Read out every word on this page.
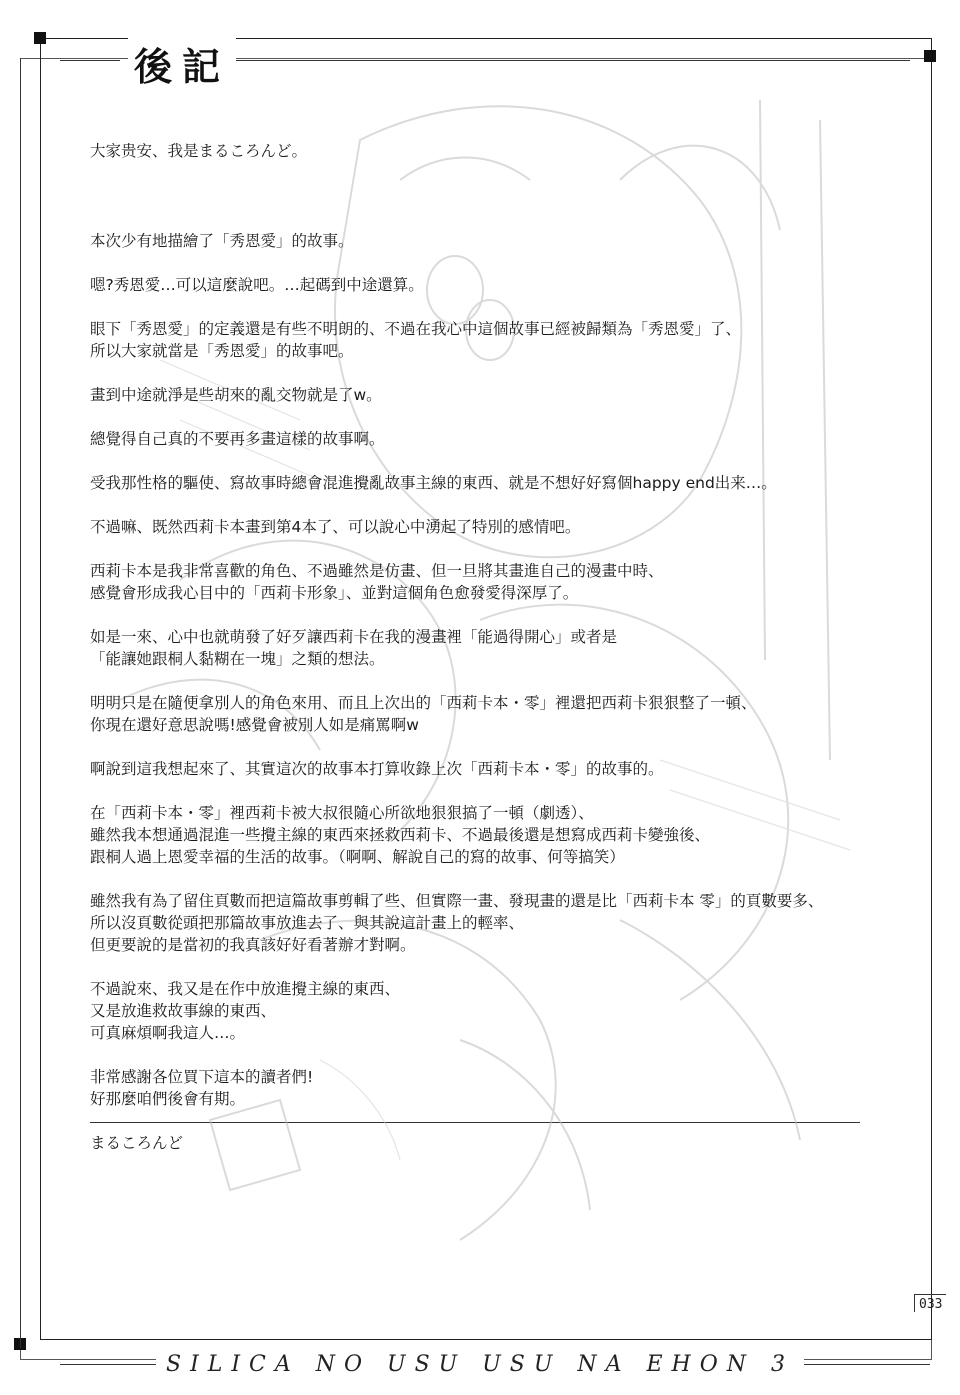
後記

大家贵安、我是まるころんど。

本次少有地描繪了「秀恩愛」的故事。

嗯?秀恩愛…可以這麼說吧。…起碼到中途還算。

眼下「秀恩愛」的定義還是有些不明朗的、不過在我心中這個故事已經被歸類為「秀恩愛」了、

所以大家就當是「秀恩愛」的故事吧。

畫到中途就淨是些胡來的亂交物就是了w。

總覺得自己真的不要再多畫這樣的故事啊。

受我那性格的驅使、寫故事時總會混進攪亂故事主線的東西、就是不想好好寫個happy end出来…。

不過嘛、既然西莉卡本畫到第4本了、可以說心中湧起了特別的感情吧。

西莉卡本是我非常喜歡的角色、不過雖然是仿畫、但一旦將其畫進自己的漫畫中時、

感覺會形成我心目中的「西莉卡形象」、並對這個角色愈發愛得深厚了。

如是一來、心中也就萌發了好歹讓西莉卡在我的漫畫裡「能過得開心」或者是

「能讓她跟桐人黏糊在一塊」之類的想法。

明明只是在隨便拿別人的角色來用、而且上次出的「西莉卡本・零」裡還把西莉卡狠狠整了一頓、

你現在還好意思說嗎!感覺會被別人如是痛罵啊w

啊說到這我想起來了、其實這次的故事本打算收錄上次「西莉卡本・零」的故事的。

在「西莉卡本・零」裡西莉卡被大叔很隨心所欲地狠狠搞了一頓（劇透）、

雖然我本想通過混進一些攪主線的東西來拯救西莉卡、不過最後還是想寫成西莉卡變強後、

跟桐人過上恩愛幸福的生活的故事。（啊啊、解說自己的寫的故事、何等搞笑）

雖然我有為了留住頁數而把這篇故事剪輯了些、但實際一畫、發現畫的還是比「西莉卡本 零」的頁數要多、

所以沒頁數從頭把那篇故事放進去了、與其說這計畫上的輕率、

但更要說的是當初的我真該好好看著辦才對啊。

不過說來、我又是在作中放進攪主線的東西、

又是放進救故事線的東西、

可真麻煩啊我這人…。

非常感謝各位買下這本的讀者們!

好那麼咱們後會有期。

まるころんど

033
SILICA NO USU USU NA EHON 3
